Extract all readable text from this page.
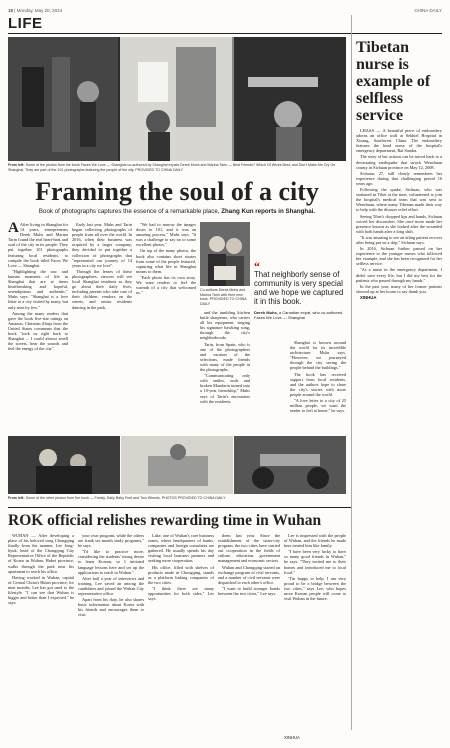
18 | Monday, May 20, 2024	CHINA DAILY
LIFE
From left: Some of the photos from the book Faces We Love — Shanghai co-authored by Shanghai expats Derek Muhs and Marina Tarin — Best Friends? Which Of Wives Best; and Don't Make Me Cry On Shanghai. They are part of the 101 photographs featuring the people of the city. PROVIDED TO CHINA DAILY
Framing the soul of a city
Book of photographs captures the essence of a remarkable place, Zhang Kun reports in Shanghai.

A After living in Shanghai for 14 years, entrepreneurs Derek Muhs and Marina Tarin found the real heart-beat and soul of the city in its people. They put together 101 photographs featuring local residents, to compile the book titled Faces We Love — Shanghai.

"Highlighting the raw and human moments of life in Shanghai that are at times heartbreaking and hopeful, serendipitous and authentic," Muhs says. "Shanghai is a love letter to a city visited by many, but only seen by few."

Among the many readers that gave the book five-star ratings on Amazon, Christian Ahuja from the United States comments that the book "took us right back to Shanghai ... I could almost smell the streets, hear the sounds and feel the energy of the city".

Early last year, Muhs and Tarin began collecting photographs of people from all over the world. In 2016, when their business was acquired by a larger company, they decided to put together a collection of photographs that "represented our journey of 14 years in a city we love".

Through the lenses of these photographers, viewers will see local Shanghai residents as they go about their daily lives, including parents who take care of their children, vendors on the streets, and senior residents dancing in the park.

"We had to narrow the images down to 101, and it was an amazing process," Muhs says. "It was a challenge to say no to some excellent photos."

On top of the many photos, the book also contains short stories from some of the people featured, capturing what life in Shanghai means to them.

"Each photo has its own story. We want readers to feel the warmth of a city that welcomed us."

Co-authors Derek Muhs and Marina Tarin with their new book. PROVIDED TO CHINA DAILY

and the tumbling kitchen knife sharpener, who carries all his equipment, singing his signature hawking song, through the city's neighborhoods.

Tarin, from Spain, who is one of the photographers and curators of the selections, made friends with many of the people in the photographs.

"Communicating only with smiles, nods and broken Mandarin turned into a 10-year friendship," Muhs says of Tarin's encounters with the residents.

“
That neighborly sense of community is very special and we hope we captured it in this book.
Derek Muhs, a Canadian expat, who co-authored Faces We Love — Shanghai

Shanghai is known around the world for its incredible architecture, Muhs says. "However, we journeyed through the city seeing the people behind the buildings."

The book has received support from local residents, and the authors hope to share the city's stories with more people around the world.

"A love letter to a city of 25 million people, we want the reader to feel at home," he says.

From left: Some of the other photos from the book — Family, Daily Baby Feet and Two Wheels. PHOTOS PROVIDED TO CHINA DAILY
ROK official relishes rewarding time in Wuhan

WUHAN — After developing a place of his beloved song Chongqing finally from the manner, Lee Jong-hyuk, head of the Chongqing City Representative Office of the Republic of Korea in Wuhan, Hubei province, walks through the park near his apartment to reach his office.

Having worked in Wuhan, capital of Central China's Hubei province, for nine months, Lee has got used to the lifestyle. "I can see that Wuhan is bigger and better than I expected," he says.

your own program, while the others are frank six-month study programs," he says.

"I'd like to practice more, considering the students' strong desire to learn Korean, so I initiated language lessons here and set up the applications to teach in Wuhan."

After half a year of interviews and training, Lee saved an among the candidates and joined the Wuhan City representative office.

Apart from his duty, he also shares basic information about Korea with his friends and encourages them to visit.

Lake, one of Wuhan's core business zones, where headquarters of banks, companies and foreign consulates are gathered. He usually spends his day visiting local business partners and seeking more cooperation.

His office, filled with shelves of products made in Chongqing, stands as a platform linking companies of the two cities.

"I think there are many opportunities for both sides," Lee says.

them last year. Since the establishment of the sister-city program, the two cities have carried out cooperation in the fields of culture, education, government management and economic sectors.

Wuhan and Chongqing started an exchange program of civil servants, and a number of civil servants were dispatched to each other's office.

"I want to build stronger bonds between the two cities," Lee says.

Lee is impressed with the people of Wuhan, and the friends he made here treated him like family.

"I have been very lucky to have so many good friends in Wuhan," he says. "They invited me to their homes and introduced me to local food."

"I'm happy to help. I am very proud to be a bridge between the two cities," says Lee, who hopes more Korean people will come to visit Wuhan in the future.

XINHUA
Tibetan nurse is example of selfless service

LHASA — A beautiful piece of embroidery adorns an office wall at Sekhiel Hospital in Xizang, Southwest China. The embroidery features the head nurse of the hospital's emergency department, Bai Sandra.

The story of her actions can be traced back to a devastating earthquake that struck Wenchuan county in Sichuan province on May 12, 2008.

Sichuan, 27, still clearly remembers her experience during that challenging period 16 years ago.

Following the quake, Sichuan, who was stationed in Tibet at the time, volunteered to join the hospital's medical team that was sent to Wenchuan, where many Tibetans made their way to help with the disaster relief effort.

Seeing Tibet's chopped lips and hands, Sichuan voiced her discomfort. She once more made her presence known as she looked after the wounded with both hands after a long shift.

"It was amazing to see an ailing patient recover after being put on a drip," Sichuan says.

In 2016, Sichuan further passed on her experience to the younger nurses who followed her example, and she has been recognized for her selfless service.

"As a nurse in the emergency department, I didn't save every life, but I did my best for the patients who passed through my hands."

In the past year, many of her former patients showed up at her house to say thank you.

XINHUA
